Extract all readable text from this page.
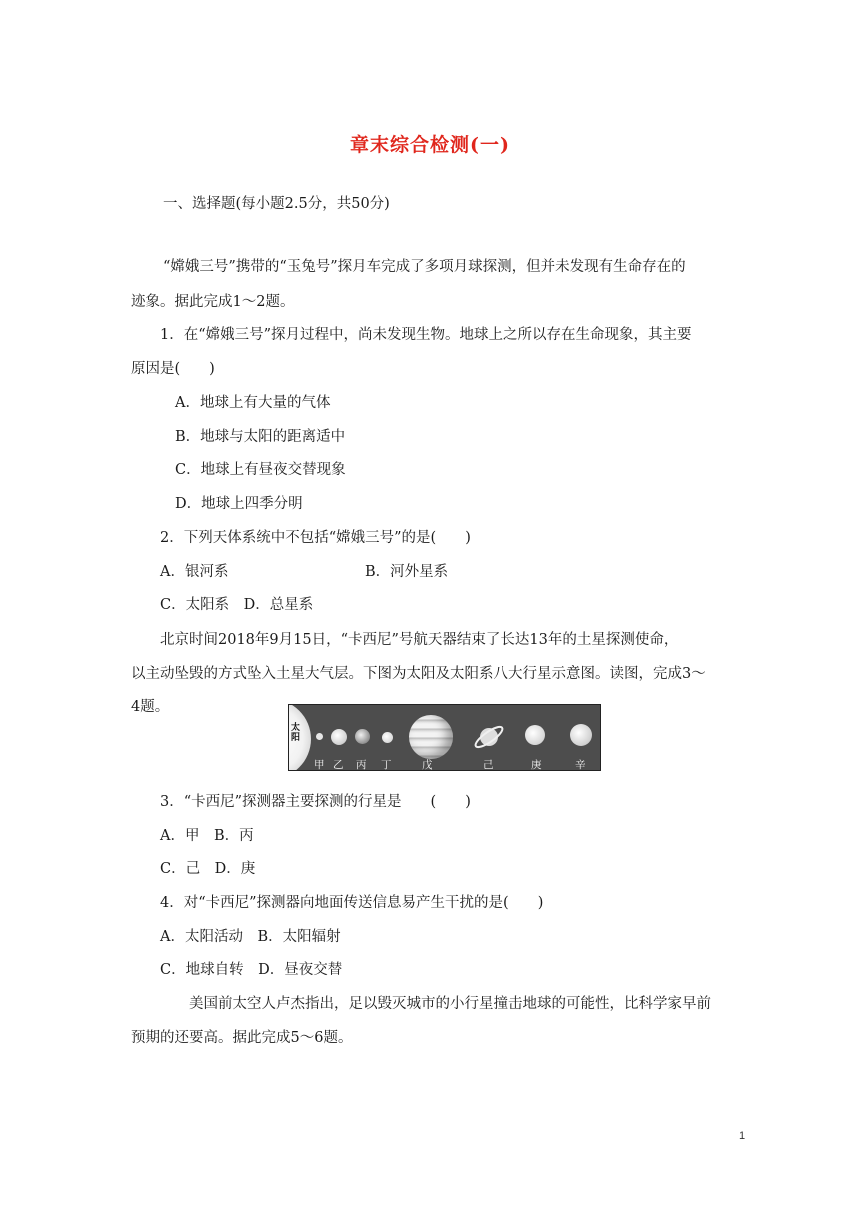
章末综合检测(一)
一、选择题(每小题2.5分，共50分)
“嫦娥三号”携带的“玉兔号”探月车完成了多项月球探测，但并未发现有生命存在的
迹象。据此完成1～2题。
1．在“嫦娥三号”探月过程中，尚未发现生物。地球上之所以存在生命现象，其主要
原因是(　　)
A．地球上有大量的气体
B．地球与太阳的距离适中
C．地球上有昼夜交替现象
D．地球上四季分明
2．下列天体系统中不包括“嫦娥三号”的是(　　)
A．银河系	B．河外星系
C．太阳系　D．总星系
北京时间2018年9月15日，“卡西尼”号航天器结束了长达13年的土星探测使命，
以主动坠毁的方式坠入土星大气层。下图为太阳及太阳系八大行星示意图。读图，完成3～
4题。
太阳
甲 乙 丙 丁	戊	己	庚	辛
3．“卡西尼”探测器主要探测的行星是　　(　　)
A．甲　B．丙
C．己　D．庚
4．对“卡西尼”探测器向地面传送信息易产生干扰的是(　　)
A．太阳活动　B．太阳辐射
C．地球自转　D．昼夜交替
美国前太空人卢杰指出，足以毁灭城市的小行星撞击地球的可能性，比科学家早前
预期的还要高。据此完成5～6题。
1
